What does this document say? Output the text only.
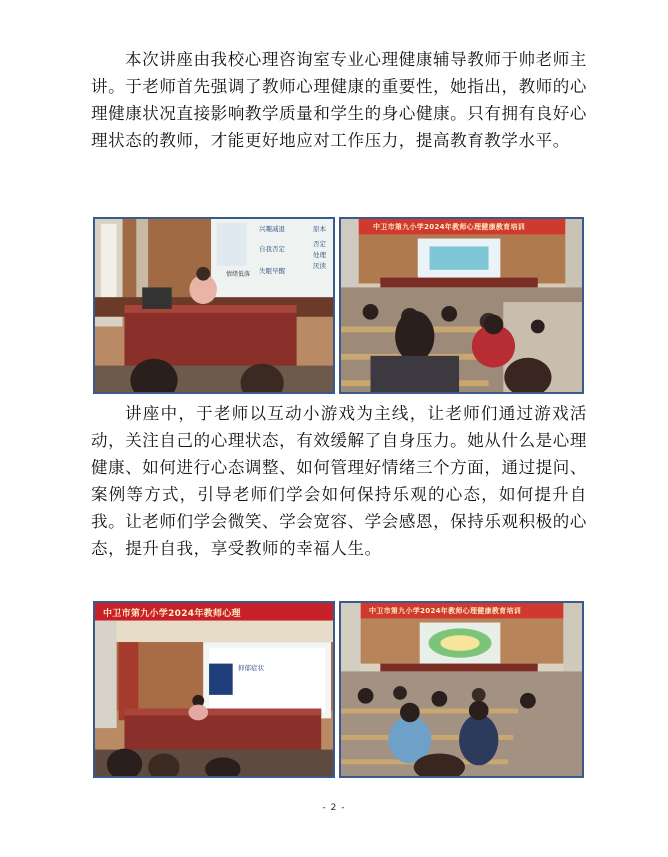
本次讲座由我校心理咨询室专业心理健康辅导教师于帅老师主讲。于老师首先强调了教师心理健康的重要性，她指出，教师的心理健康状况直接影响教学质量和学生的身心健康。只有拥有良好心理状态的教师，才能更好地应对工作压力，提高教育教学水平。

情绪低落
兴趣减退
自我否定
失眠早醒
原本
否定
处理
厌读
中卫市第九小学2024年教师心理健康教育培训

讲座中，于老师以互动小游戏为主线，让老师们通过游戏活动，关注自己的心理状态，有效缓解了自身压力。她从什么是心理健康、如何进行心态调整、如何管理好情绪三个方面，通过提问、案例等方式，引导老师们学会如何保持乐观的心态，如何提升自我。让老师们学会微笑、学会宽容、学会感恩，保持乐观积极的心态，提升自我，享受教师的幸福人生。

中卫市第九小学2024年教师心理
抑郁症状
中卫市第九小学2024年教师心理健康教育培训
- 2 -
